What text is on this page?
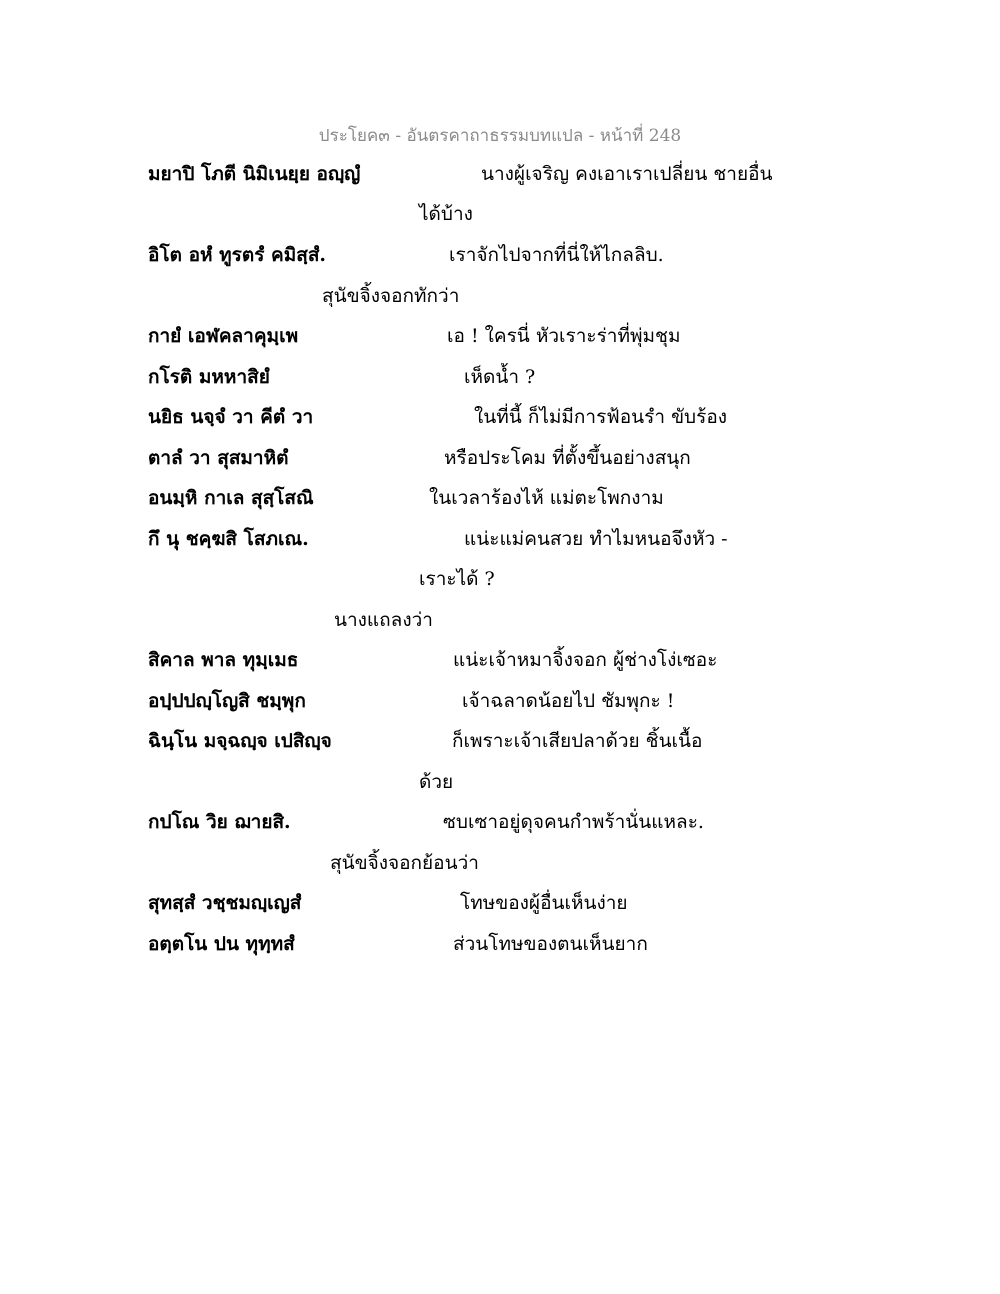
ประโยค๓ - อันตรคาถาธรรมบทแปล - หน้าที่ 248
มยาปิ โภตี นิมิเนยฺย อญฺญํ	นางผู้เจริญ คงเอาเราเปลี่ยน ชายอื่น
ได้บ้าง
อิโต อหํ ทูรตรํ คมิสฺสํ.	เราจักไปจากที่นี่ให้ไกลลิบ.
สุนัขจิ้งจอกทักว่า
กายํ เอฬคลาคุมฺเพ	เอ ! ใครนี่ หัวเราะร่าที่พุ่มชุม
กโรติ มหหาสิยํ	เห็ดน้ำ ?
นยิธ นจฺจํ วา คีตํ วา	ในที่นี้ ก็ไม่มีการฟ้อนรำ ขับร้อง
ตาลํ วา สุสมาหิตํ	หรือประโคม ที่ตั้งขึ้นอย่างสนุก
อนมฺหิ กาเล สุสฺโสณิ	ในเวลาร้องไห้ แม่ตะโพกงาม
กึ นุ ชคฺฆสิ โสภเณ.	แน่ะแม่คนสวย ทำไมหนอจึงหัว -
เราะได้ ?
นางแถลงว่า
สิคาล พาล ทุมฺเมธ	แน่ะเจ้าหมาจิ้งจอก ผู้ช่างโง่เซอะ
อปฺปปญฺโญสิ ชมฺพุก	เจ้าฉลาดน้อยไป ชัมพุกะ !
ฉินฺโน มจฺฉญฺจ เปสิญฺจ	ก็เพราะเจ้าเสียปลาด้วย ชิ้นเนื้อ
ด้วย
กปโณ วิย ฌายสิ.	ซบเซาอยู่ดุจคนกำพร้านั่นแหละ.
สุนัขจิ้งจอกย้อนว่า
สุทสฺสํ วชฺชมญฺเญสํ	โทษของผู้อื่นเห็นง่าย
อตฺตโน ปน ทุทฺทสํ	ส่วนโทษของตนเห็นยาก
